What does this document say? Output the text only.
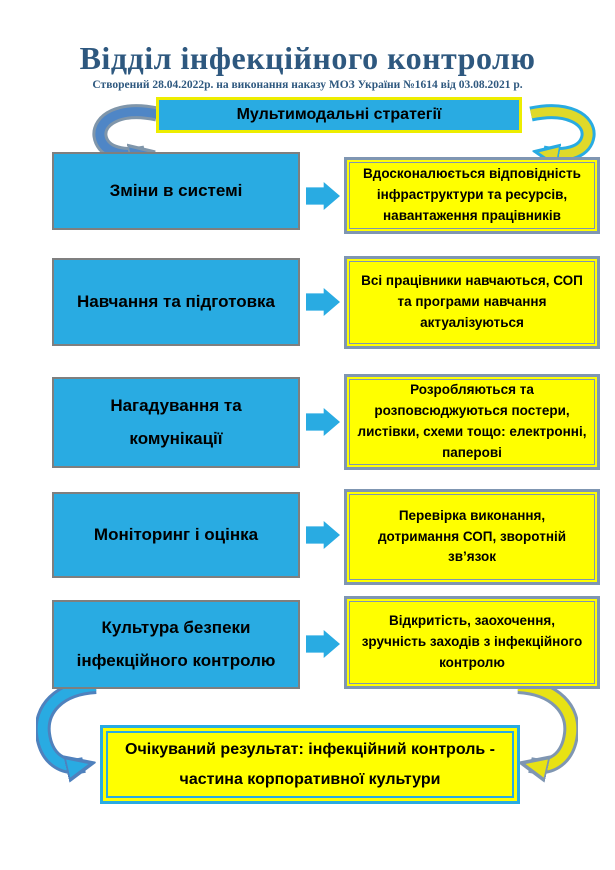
Відділ інфекційного контролю
Створений 28.04.2022р. на виконання наказу МОЗ України №1614 від 03.08.2021 р.
Мультимодальні стратегії
Зміни в системі
Вдосконалюється відповідність інфраструктури та ресурсів, навантаження працівників
Навчання та підготовка
Всі працівники навчаються, СОП та програми навчання актуалізуються
Нагадування та комунікації
Розробляються та розповсюджуються постери, листівки, схеми тощо: електронні, паперові
Моніторинг і оцінка
Перевірка виконання, дотримання СОП, зворотній зв’язок
Культура безпеки інфекційного контролю
Відкритість, заохочення, зручність заходів з інфекційного контролю
Очікуваний результат: інфекційний контроль - частина корпоративної культури
